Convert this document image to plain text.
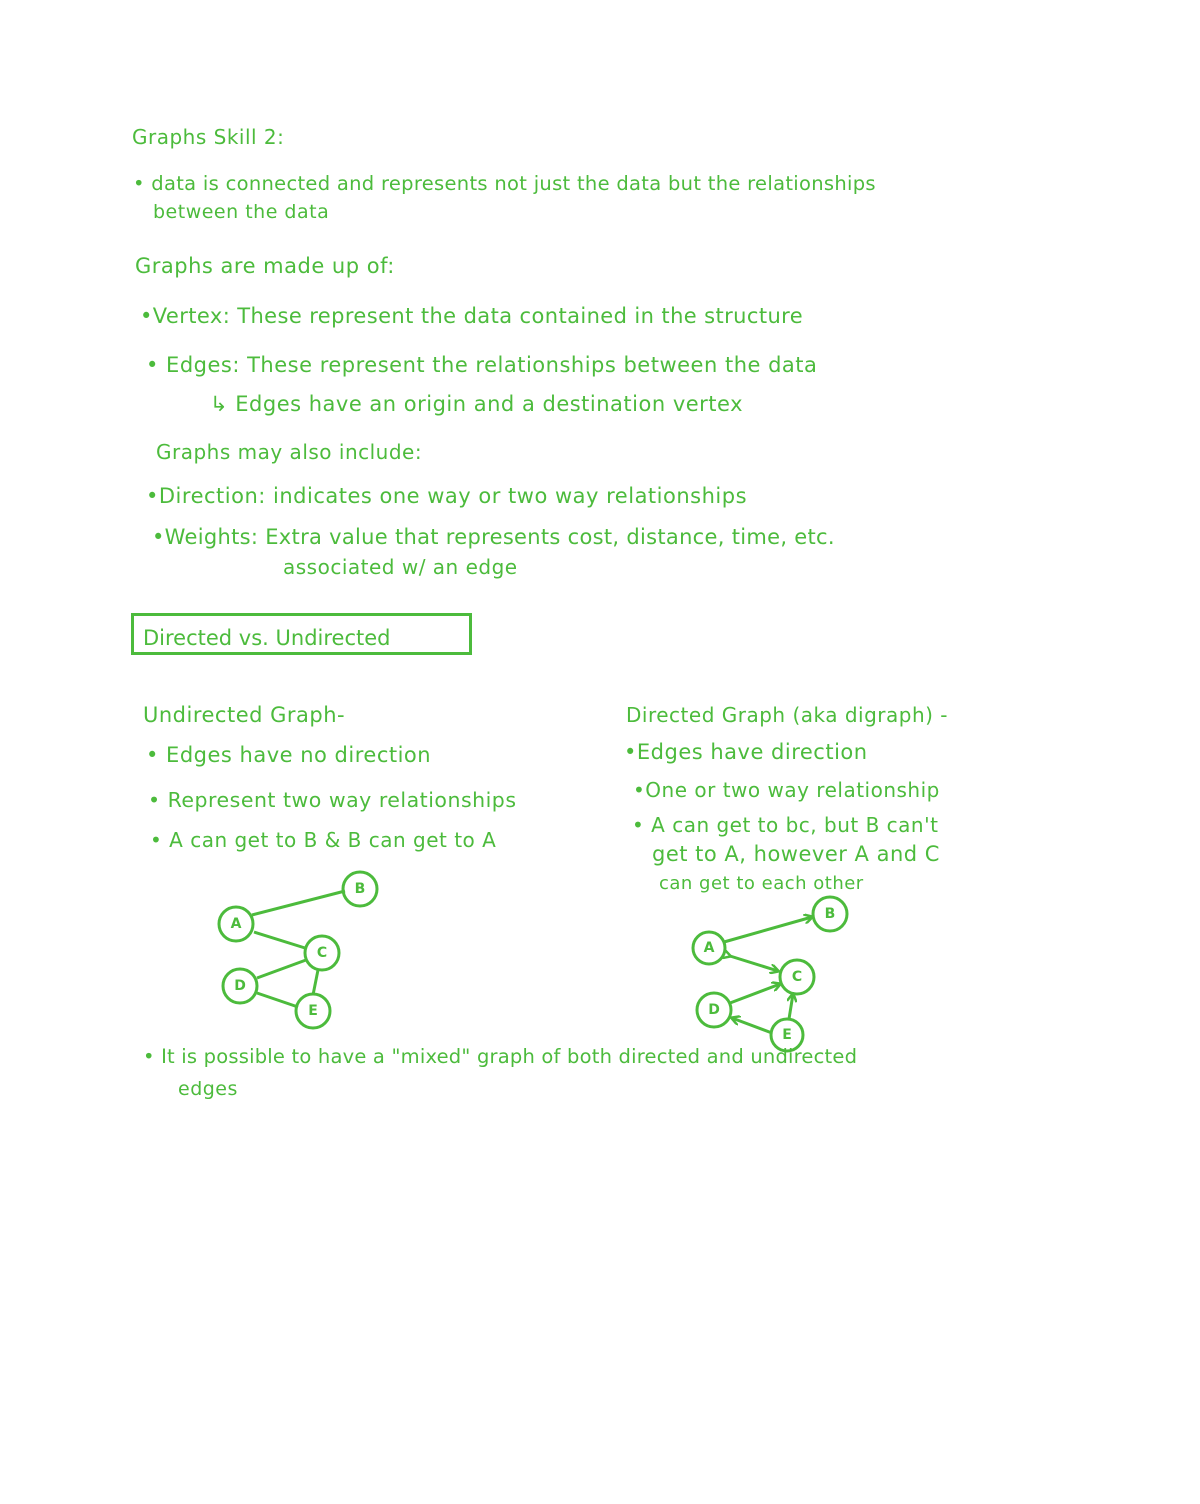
Graphs Skill 2:
• data is connected and represents not just the data but the relationships
between the data
Graphs are made up of:
•Vertex: These represent the data contained in the structure
• Edges: These represent the relationships between the data
↳ Edges have an origin and a destination vertex
Graphs may also include:
•Direction: indicates one way or two way relationships
•Weights: Extra value that represents cost, distance, time, etc.
associated w/ an edge
Directed vs. Undirected
Undirected Graph-
• Edges have no direction
• Represent two way relationships
• A can get to B & B can get to A
A
B
C
D
E
Directed Graph (aka digraph) -
•Edges have direction
•One or two way relationship
• A can get to bc, but B can't
get to A, however A and C
can get to each other
A
B
C
D
E
• It is possible to have a "mixed" graph of both directed and undirected
edges
